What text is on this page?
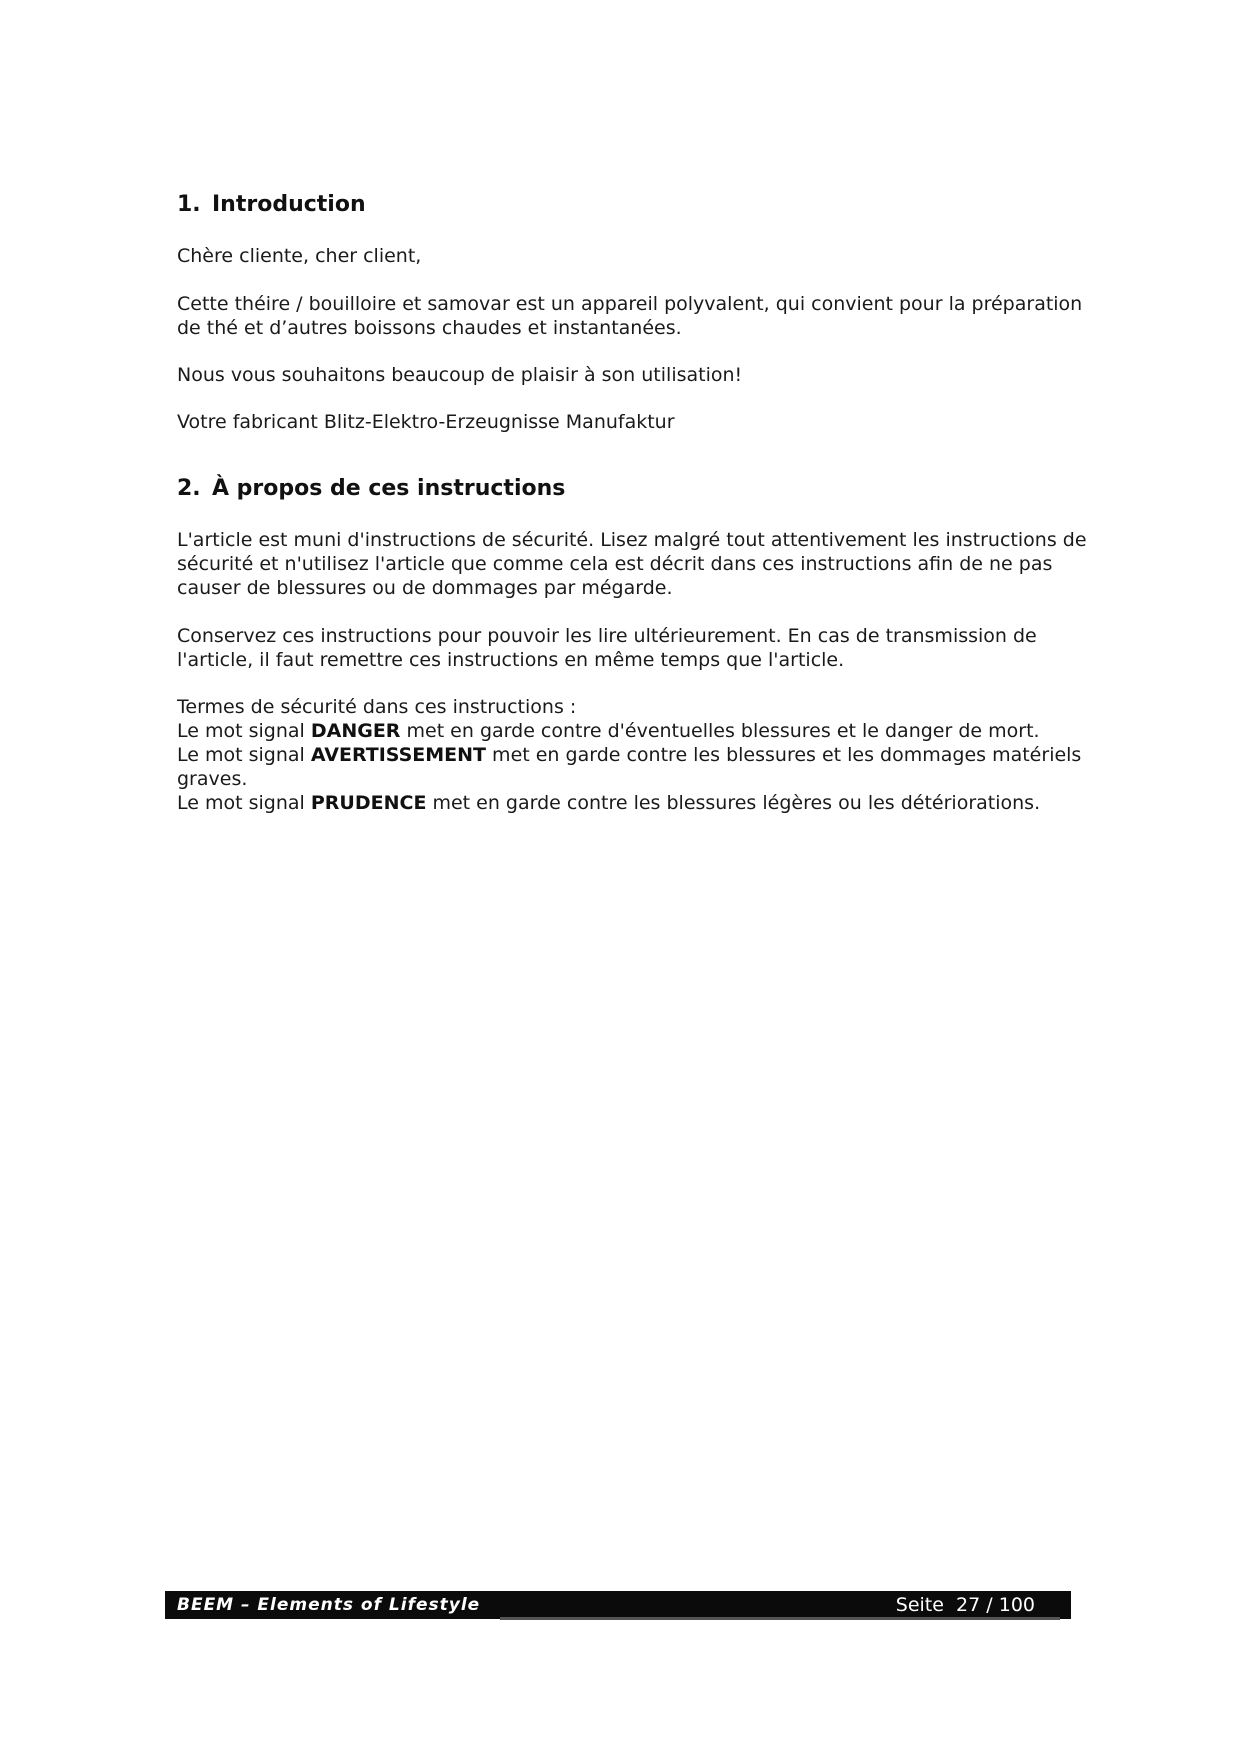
1. Introduction

Chère cliente, cher client,

Cette théire / bouilloire et samovar est un appareil polyvalent, qui convient pour la préparation de thé et d’autres boissons chaudes et instantanées.

Nous vous souhaitons beaucoup de plaisir à son utilisation!

Votre fabricant Blitz-Elektro-Erzeugnisse Manufaktur

2. À propos de ces instructions

L'article est muni d'instructions de sécurité. Lisez malgré tout attentivement les instructions de sécurité et n'utilisez l'article que comme cela est décrit dans ces instructions afin de ne pas causer de blessures ou de dommages par mégarde.

Conservez ces instructions pour pouvoir les lire ultérieurement. En cas de transmission de l'article, il faut remettre ces instructions en même temps que l'article.

Termes de sécurité dans ces instructions :

Le mot signal DANGER met en garde contre d'éventuelles blessures et le danger de mort.

Le mot signal AVERTISSEMENT met en garde contre les blessures et les dommages matériels graves.

Le mot signal PRUDENCE met en garde contre les blessures légères ou les détériorations.

BEEM – Elements of Lifestyle	Seite 27 / 100
